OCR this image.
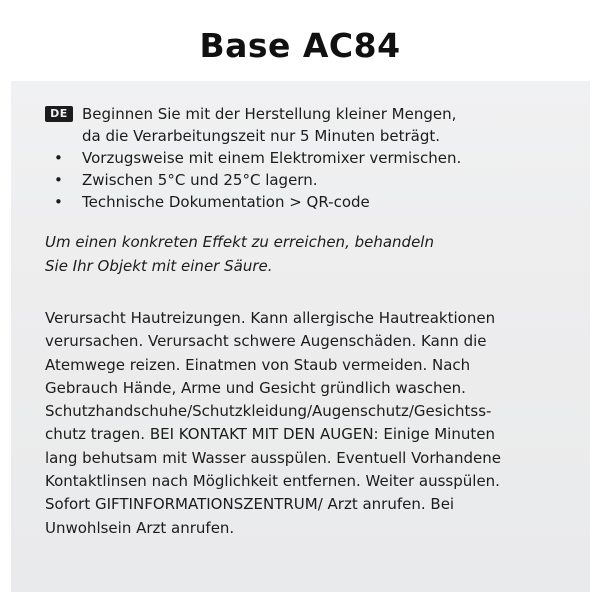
Base AC84
DE Beginnen Sie mit der Herstellung kleiner Mengen,
da die Verarbeitungszeit nur 5 Minuten beträgt.
• Vorzugsweise mit einem Elektromixer vermischen.
• Zwischen 5°C und 25°C lagern.
• Technische Dokumentation > QR-code
Um einen konkreten Effekt zu erreichen, behandeln
Sie Ihr Objekt mit einer Säure.
Verursacht Hautreizungen. Kann allergische Hautreaktionen
verursachen. Verursacht schwere Augenschäden. Kann die
Atemwege reizen. Einatmen von Staub vermeiden. Nach
Gebrauch Hände, Arme und Gesicht gründlich waschen.
Schutzhandschuhe/Schutzkleidung/Augenschutz/Gesichtss-
chutz tragen. BEI KONTAKT MIT DEN AUGEN: Einige Minuten
lang behutsam mit Wasser ausspülen. Eventuell Vorhandene
Kontaktlinsen nach Möglichkeit entfernen. Weiter ausspülen.
Sofort GIFTINFORMATIONSZENTRUM/ Arzt anrufen. Bei
Unwohlsein Arzt anrufen.
